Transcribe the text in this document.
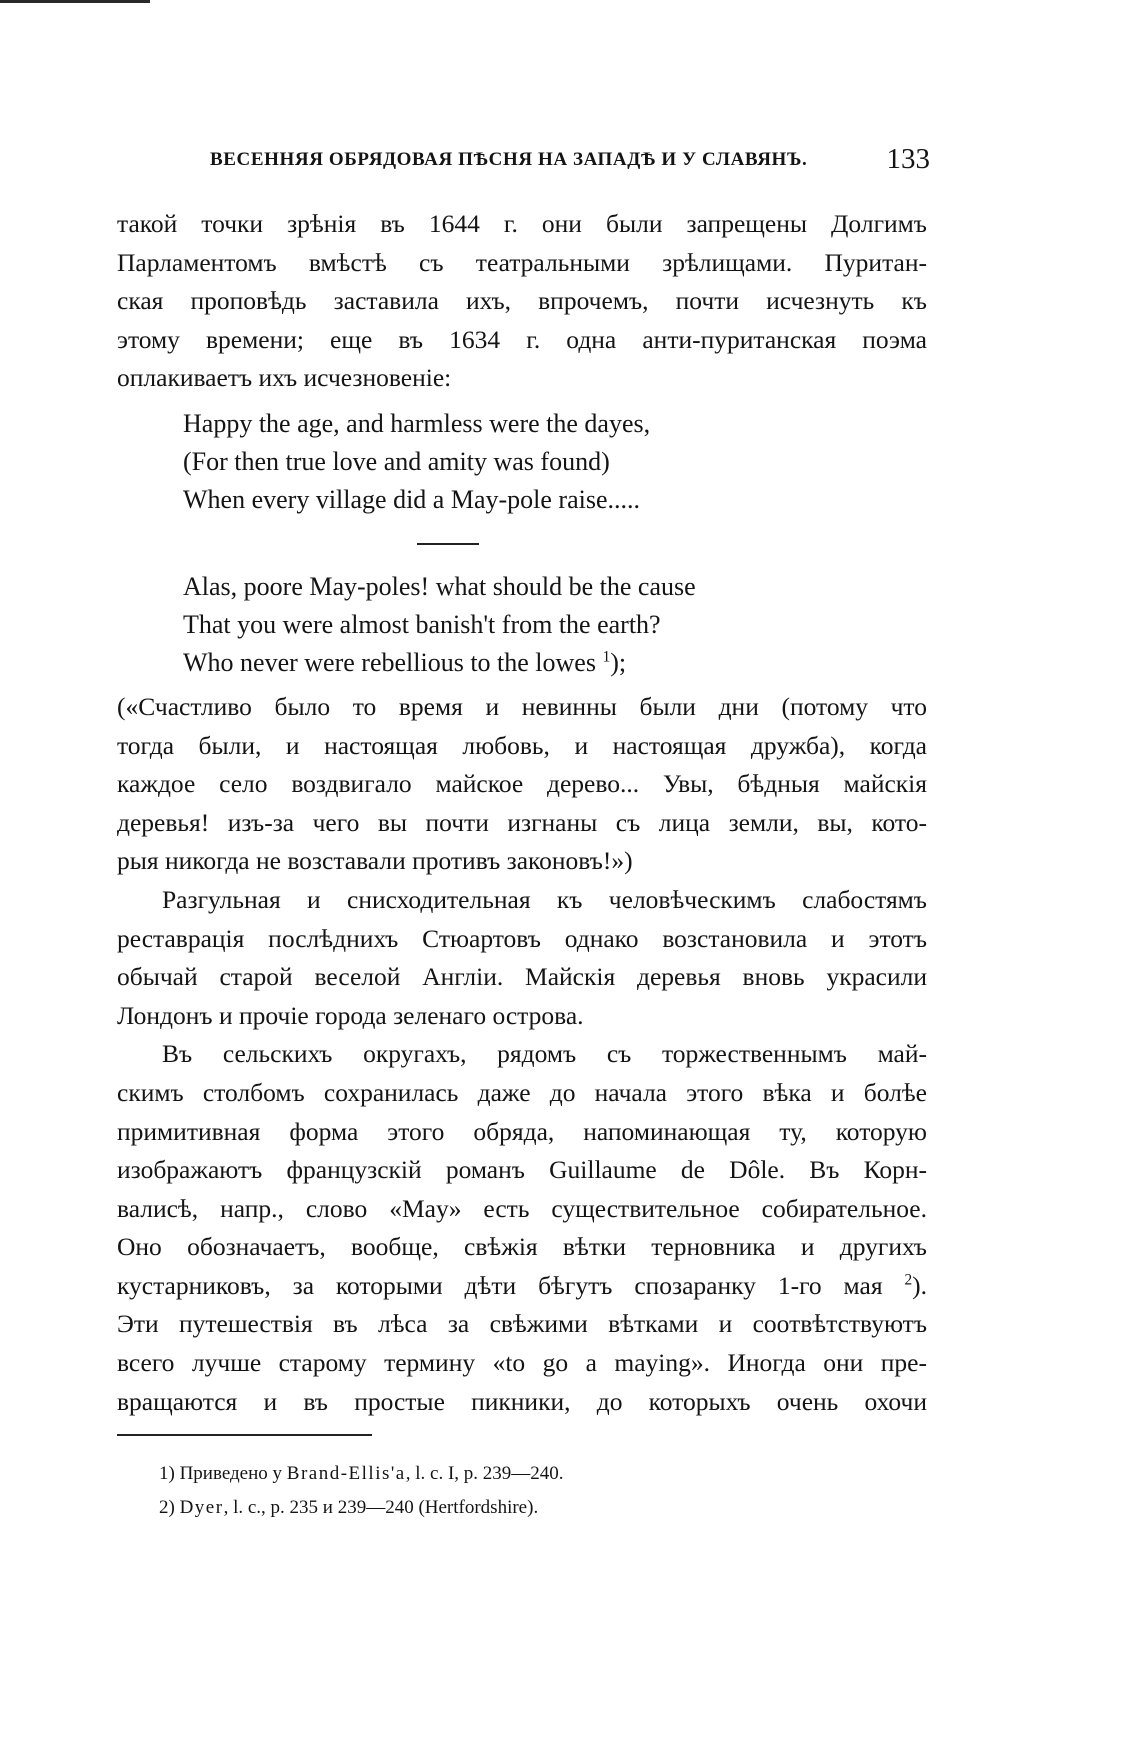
ВЕСЕННЯЯ ОБРЯДОВАЯ ПѢСНЯ НА ЗАПАДѢ И У СЛАВЯНЪ.	133

такой точки зрѣнія въ 1644 г. они были запрещены Долгимъ
Парламентомъ вмѣстѣ съ театральными зрѣлищами. Пуритан-
ская проповѣдь заставила ихъ, впрочемъ, почти исчезнуть къ
этому времени; еще въ 1634 г. одна анти-пуританская поэма
оплакиваетъ ихъ исчезновеніе:

Happy the age, and harmless were the dayes,
(For then true love and amity was found)
When every village did a May-pole raise.....
Alas, poore May-poles! what should be the cause
That you were almost banish't from the earth?
Who never were rebellious to the lowes $^1$);

(«Счастливо было то время и невинны были дни (потому что
тогда были, и настоящая любовь, и настоящая дружба), когда
каждое село воздвигало майское дерево... Увы, бѣдныя майскія
деревья! изъ-за чего вы почти изгнаны съ лица земли, вы, кото-
рыя никогда не возставали противъ законовъ!»)

Разгульная и снисходительная къ человѣческимъ слабостямъ
реставрація послѣднихъ Стюартовъ однако возстановила и этотъ
обычай старой веселой Англіи. Майскія деревья вновь украсили
Лондонъ и прочіе города зеленаго острова.

Въ сельскихъ округахъ, рядомъ съ торжественнымъ май-
скимъ столбомъ сохранилась даже до начала этого вѣка и болѣе
примитивная форма этого обряда, напоминающая ту, которую
изображаютъ французскій романъ Guillaume de Dôle. Въ Корн-
валисѣ, напр., слово «May» есть существительное собирательное.
Оно обозначаетъ, вообще, свѣжія вѣтки терновника и другихъ
кустарниковъ, за которыми дѣти бѣгутъ спозаранку 1-го мая $^2$).
Эти путешествія въ лѣса за свѣжими вѣтками и соотвѣтствуютъ
всего лучше старому термину «to go a maying». Иногда они пре-
вращаются и въ простые пикники, до которыхъ очень охочи

1) Приведено у Brand-Ellis'a, l. c. I, p. 239—240.
2) Dyer, l. c., p. 235 и 239—240 (Hertfordshire).
